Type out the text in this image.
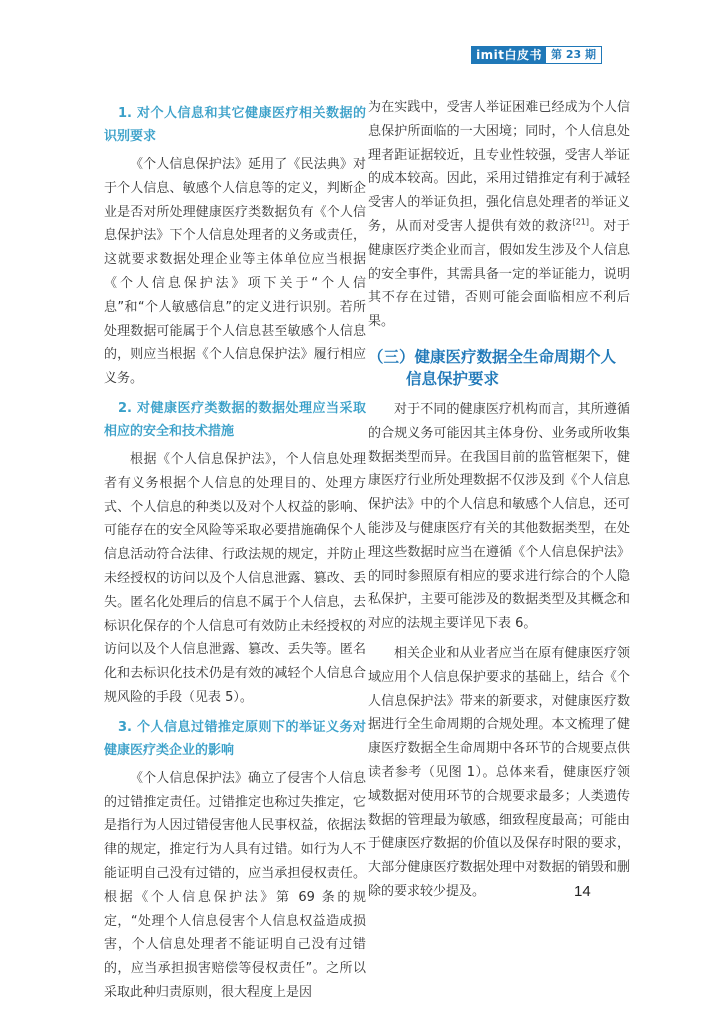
imit白皮书 第 23 期
1. 对个人信息和其它健康医疗相关数据的识别要求

《个人信息保护法》延用了《民法典》对于个人信息、敏感个人信息等的定义，判断企业是否对所处理健康医疗类数据负有《个人信息保护法》下个人信息处理者的义务或责任，这就要求数据处理企业等主体单位应当根据《个人信息保护法》项下关于“个人信息”和“个人敏感信息”的定义进行识别。若所处理数据可能属于个人信息甚至敏感个人信息的，则应当根据《个人信息保护法》履行相应义务。

2. 对健康医疗类数据的数据处理应当采取相应的安全和技术措施

根据《个人信息保护法》，个人信息处理者有义务根据个人信息的处理目的、处理方式、个人信息的种类以及对个人权益的影响、可能存在的安全风险等采取必要措施确保个人信息活动符合法律、行政法规的规定，并防止未经授权的访问以及个人信息泄露、篡改、丢失。匿名化处理后的信息不属于个人信息，去标识化保存的个人信息可有效防止未经授权的访问以及个人信息泄露、篡改、丢失等。匿名化和去标识化技术仍是有效的减轻个人信息合规风险的手段（见表 5）。

3. 个人信息过错推定原则下的举证义务对健康医疗类企业的影响

《个人信息保护法》确立了侵害个人信息的过错推定责任。过错推定也称过失推定，它是指行为人因过错侵害他人民事权益，依据法律的规定，推定行为人具有过错。如行为人不能证明自己没有过错的，应当承担侵权责任。根据《个人信息保护法》第 69 条的规定，“处理个人信息侵害个人信息权益造成损害，个人信息处理者不能证明自己没有过错的，应当承担损害赔偿等侵权责任”。之所以采取此种归责原则，很大程度上是因

为在实践中，受害人举证困难已经成为个人信息保护所面临的一大困境；同时，个人信息处理者距证据较近，且专业性较强，受害人举证的成本较高。因此，采用过错推定有利于减轻受害人的举证负担，强化信息处理者的举证义务，从而对受害人提供有效的救济[21]。对于健康医疗类企业而言，假如发生涉及个人信息的安全事件，其需具备一定的举证能力，说明其不存在过错，否则可能会面临相应不利后果。

（三）健康医疗数据全生命周期个人
信息保护要求

对于不同的健康医疗机构而言，其所遵循的合规义务可能因其主体身份、业务或所收集数据类型而异。在我国目前的监管框架下，健康医疗行业所处理数据不仅涉及到《个人信息保护法》中的个人信息和敏感个人信息，还可能涉及与健康医疗有关的其他数据类型，在处理这些数据时应当在遵循《个人信息保护法》的同时参照原有相应的要求进行综合的个人隐私保护，主要可能涉及的数据类型及其概念和对应的法规主要详见下表 6。

相关企业和从业者应当在原有健康医疗领域应用个人信息保护要求的基础上，结合《个人信息保护法》带来的新要求，对健康医疗数据进行全生命周期的合规处理。本文梳理了健康医疗数据全生命周期中各环节的合规要点供读者参考（见图 1）。总体来看，健康医疗领域数据对使用环节的合规要求最多；人类遗传数据的管理最为敏感，细致程度最高；可能由于健康医疗数据的价值以及保存时限的要求，大部分健康医疗数据处理中对数据的销毁和删除的要求较少提及。	14
